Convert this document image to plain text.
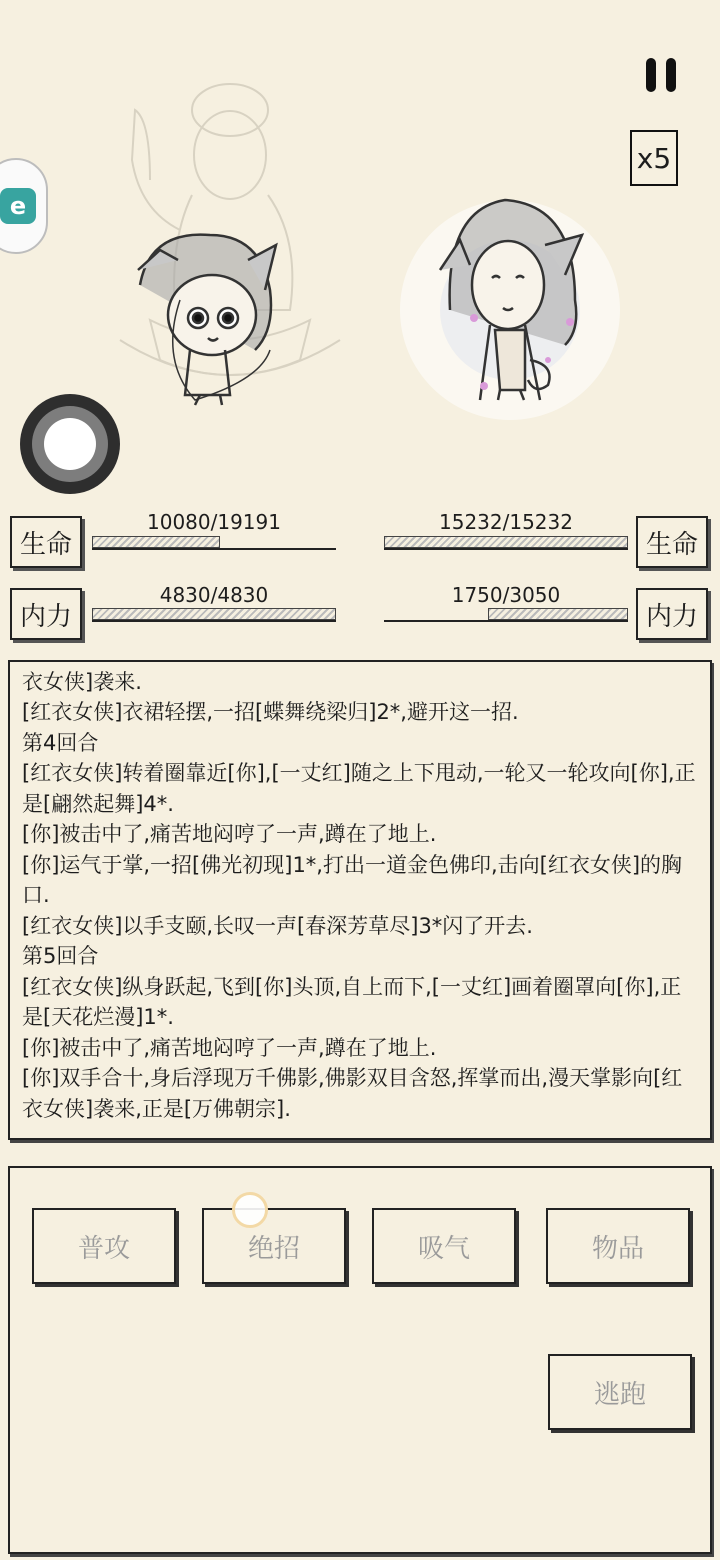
x5
e
生命
10080/19191
内力
4830/4830
生命
15232/15232
内力
1750/3050
衣女侠]袭来.
[红衣女侠]衣裙轻摆,一招[蝶舞绕梁归]2*,避开这一招.
第4回合
[红衣女侠]转着圈靠近[你],[一丈红]随之上下甩动,一轮又一轮攻向[你],正是[翩然起舞]4*.
[你]被击中了,痛苦地闷哼了一声,蹲在了地上.
[你]运气于掌,一招[佛光初现]1*,打出一道金色佛印,击向[红衣女侠]的胸口.
[红衣女侠]以手支颐,长叹一声[春深芳草尽]3*闪了开去.
第5回合
[红衣女侠]纵身跃起,飞到[你]头顶,自上而下,[一丈红]画着圈罩向[你],正是[天花烂漫]1*.
[你]被击中了,痛苦地闷哼了一声,蹲在了地上.
[你]双手合十,身后浮现万千佛影,佛影双目含怒,挥掌而出,漫天掌影向[红衣女侠]袭来,正是[万佛朝宗].
普攻	绝招	吸气	物品
逃跑
